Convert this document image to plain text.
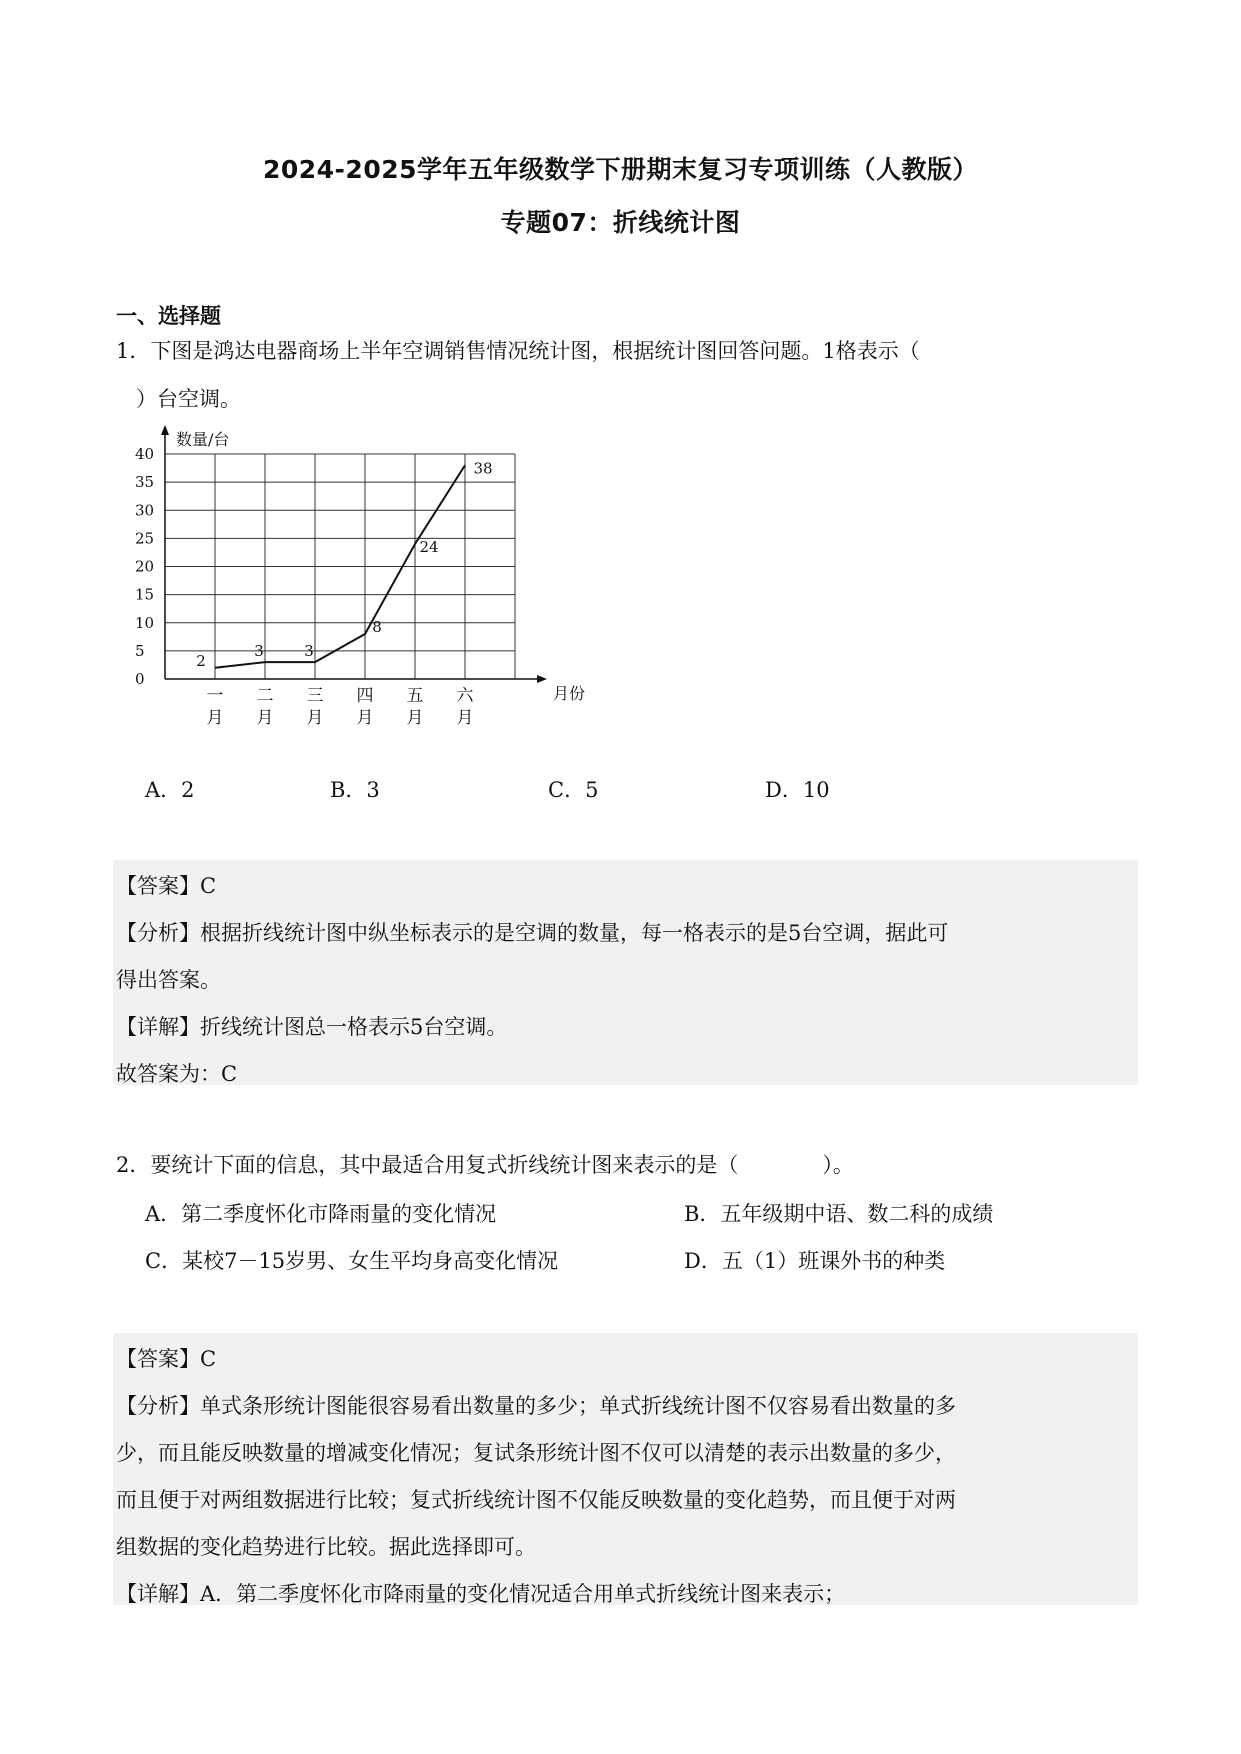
2024-2025学年五年级数学下册期末复习专项训练（人教版）
专题07：折线统计图
一、选择题
1．下图是鸿达电器商场上半年空调销售情况统计图，根据统计图回答问题。1格表示（
）台空调。
0
5
10
15
20
25
30
35
40
数量/台
月份
一
月
二
月
三
月
四
月
五
月
六
月
2
3	3
8
24
38
A．2	B．3	C．5	D．10
【答案】C
【分析】根据折线统计图中纵坐标表示的是空调的数量，每一格表示的是5台空调，据此可
得出答案。
【详解】折线统计图总一格表示5台空调。
故答案为：C
2．要统计下面的信息，其中最适合用复式折线统计图来表示的是（　　　　）。
A．第二季度怀化市降雨量的变化情况	B．五年级期中语、数二科的成绩
C．某校7－15岁男、女生平均身高变化情况	D．五（1）班课外书的种类
【答案】C
【分析】单式条形统计图能很容易看出数量的多少；单式折线统计图不仅容易看出数量的多
少，而且能反映数量的增减变化情况；复试条形统计图不仅可以清楚的表示出数量的多少，
而且便于对两组数据进行比较；复式折线统计图不仅能反映数量的变化趋势，而且便于对两
组数据的变化趋势进行比较。据此选择即可。
【详解】A．第二季度怀化市降雨量的变化情况适合用单式折线统计图来表示；
